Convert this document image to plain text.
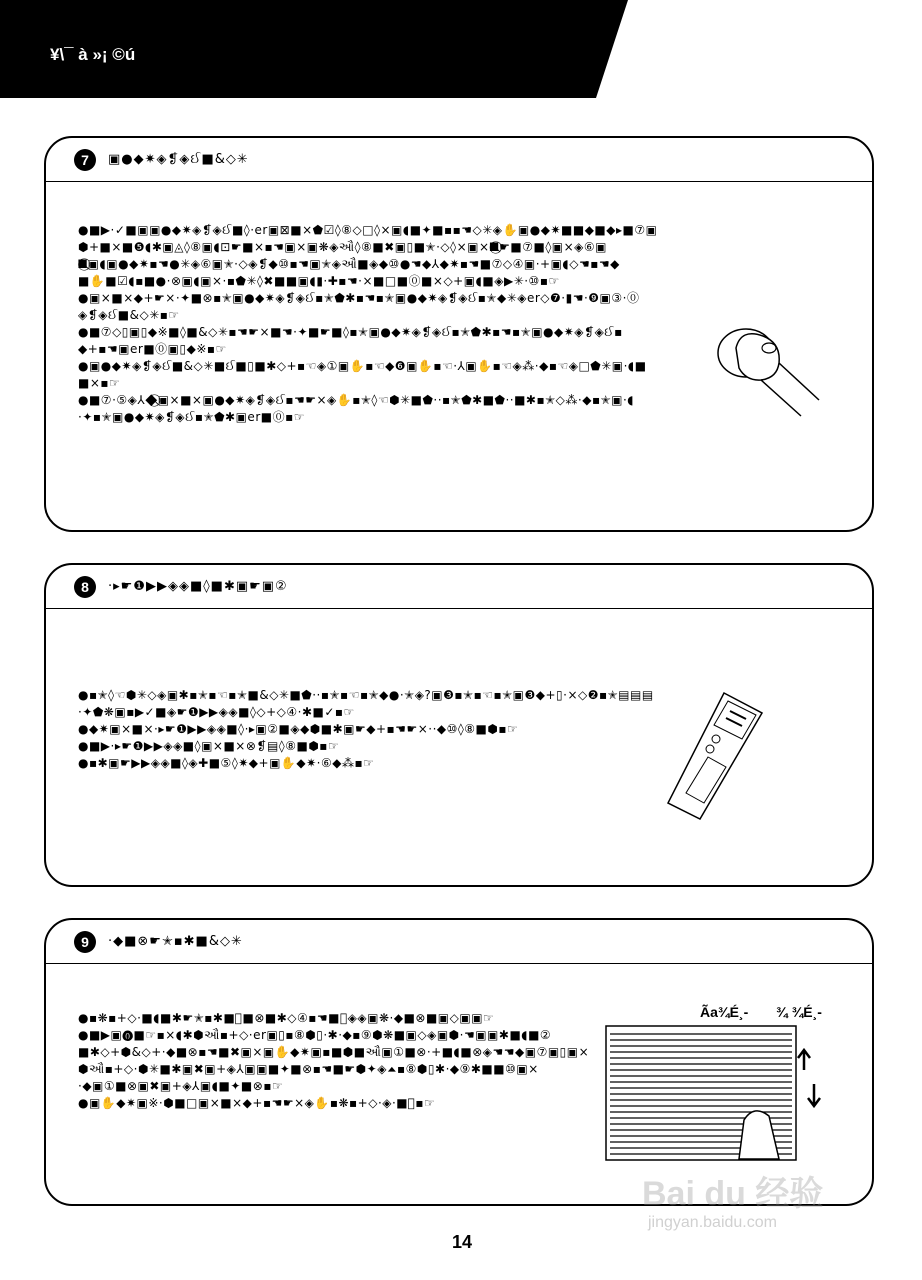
¥\¯ à »¡ ©ú
7	▣●◆✷◈❡◈ઈ■&◇✳
●■▶·✓■▣▣●◆✷◈❡◈ઈ■◊·er▣⊠■×⬟☑◊⑧◇□◊×▣◖■✦■▪▪☚◇✳◈✋▣●◆✷■■◆■◆▸■⑦▣
⬢+■×■❺◖✱▣◬◊⑧▣◖⊡☛■×▪☚▣×▣❋◈ઔ◊⑧■✖▣▯■✭·◇◊×▣×■⃠☛■⑦■◊▣×◈⑥▣
■⃠▣◖▣●◆✷▪☚●✳◈⑥▣✭·◇◈❡◆⑩▪☚▣✭◈ઔ■◈◆⑩●☚◆⅄◆✷▪☚■⑦◇④▣·+▣◖◇☚▪☚◆
■✋■☑◖▪■●·⊗▣◖▣×·▪⬟✳◊✖■■▣◖▮·✚▪☚·×■□■⓪■×◇+▣◖■◈▶✳·⑩▪☞
●▣×■×◆+☛×·✦■⊗▪✭▣●◆✷◈❡◈ઈ▪✭⬟✱▪☚▪✭▣●◆✷◈❡◈ઈ▪✭◆✳◈er◇❼·▮☚·❾▣③·⓪
◈❡◈ઈ■&◇✳▪☞
●■⑦◇▯▣▯◆※■◊■&◇✳▪☚☛×■☚·✦■☛■◊▪✭▣●◆✷◈❡◈ઈ▪✭⬟✱▪☚▪✭▣●◆✷◈❡◈ઈ▪
◆+▪☚▣er■⓪▣▯◆※▪☞
●▣●◆✷◈❡◈ઈ■&◇✳■ઈ■▯■✱◇+▪☜◈①▣✋▪☜◆❻▣✋▪☜·⅄▣✋▪☜◈⁂·◆▪☜◈□⬟✳▣·◖■
■×▪☞
●■⑦·⑤◈⅄◆⃠▣×■×▣●◆✷◈❡◈ઈ▪☚☛×◈✋▪✭◊☜⬢✳■⬟··▪✭⬟✱■⬟··■✱▪✭◇⁂·◆▪✭▣·◖
·✦▪✭▣●◆✷◈❡◈ઈ▪✭⬟✱▣er■⓪▪☞
8	·▸☛❶▶▶◈◈■◊■✱▣☛▣②
●▪✭◊☜⬢✳◇◈▣✱▪✭▪☜▪✭■&◇✳■⬟··▪✭▪☜▪✭◆●·✭◈?▣❸▪✭▪☜▪✭▣❸◆+▯·×◇❷▪✭▤▤▤
·✦⬟❋▣▪▶✓■◈☛❶▶▶◈◈■◊◇+◇④·✱■✓▪☞
●◆✷▣×■×·▸☛❶▶▶◈◈■◊·▸▣②■◈◆⬢■✱▣☛◆+▪☚☛×··◆⑩◊⑧■⬢▪☞
●■▶·▸☛❶▶▶◈◈■◊▣×■×⊗❡▤◊⑧■⬢▪☞
●▪✱▣☛▶▶◈◈■◊◈✚■⑤◊✷◆+▣✋◆✷·⑥◆⁂▪☞
9	·◆■⊗☛✭▪✱■&◇✳
●▪❋▪+◇·■◖■✱☛✭▪✱■⃠■⊗■✱◇④▪☚■⓪◈◈▣❋·◆■⊗■▣◇▣▣☞
●■▶▣⓿■☞▪×◖✱⬢ઔ▪+◇·er▣▯▪⑧⬢▯·✱·◆▪⑨⬢❋■▣◇◈▣⬢·☚▣▣✱■◖■②
■✱◇+⬢&◇+·◆■⊗▪☚■✖▣×▣✋◆✷▣▪■⬢■ઔ▣①■⊗·+■◖■⊗◈☚☚◆▣⑦▣▯▣×
⬢ઔ▪+◇·⬢✳■✱▣✖▣+◈⅄▣▣■✦■⊗▪☚■☛⬢✦◈⏶▪⑧⬢▯✱·◆⑨✱■■⑩▣×
·◆▣①■⊗▣✖▣+◈⅄▣◖■✦■⊗▪☞
●▣✋◆✷▣※·⬢■□▣×■×◆+▪☚☛×◈✋▪❋▪+◇·◈·■⃠▪☞
Ãa¾É¸- ¾ ¾É¸-
14
Bai du 经验
jingyan.baidu.com
